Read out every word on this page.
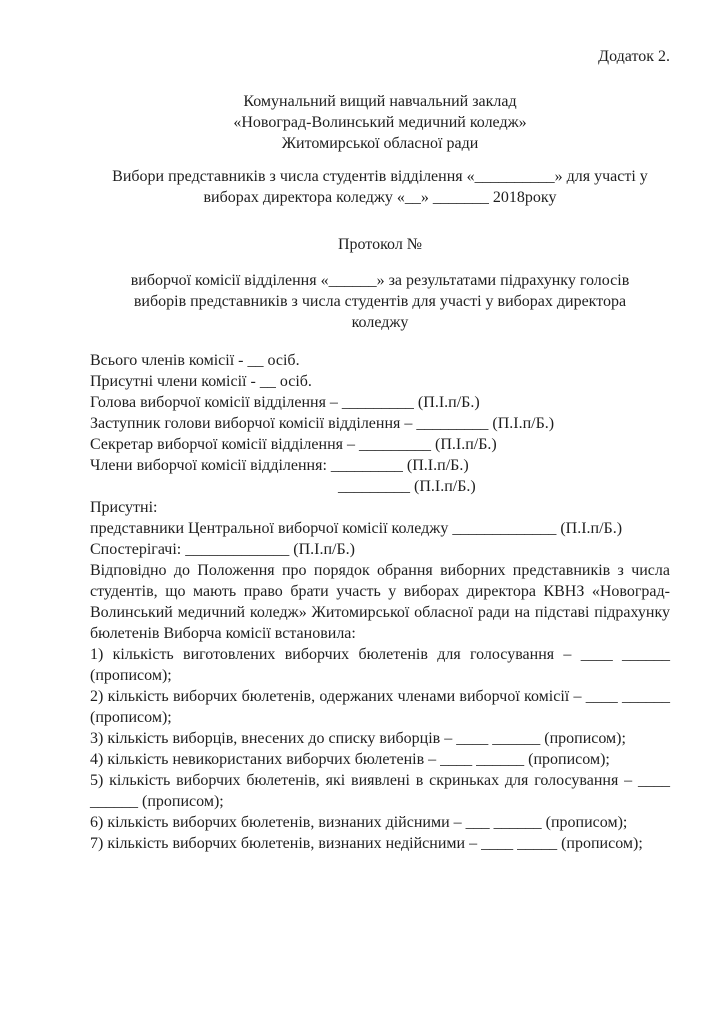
Додаток 2.
Комунальний вищий навчальний заклад
«Новоград-Волинський медичний коледж»
Житомирської обласної ради
Вибори представників з числа студентів відділення «__________» для участі у
виборах директора коледжу «__» _______ 2018року
Протокол №
виборчої комісії відділення «______» за результатами підрахунку голосів
виборів представників з числа студентів для участі у виборах директора
коледжу
Всього членів комісії - __ осіб.
Присутні члени комісії - __ осіб.
Голова виборчої комісії відділення – _________ (П.І.п/Б.)
Заступник голови виборчої комісії відділення – _________ (П.І.п/Б.)
Секретар виборчої комісії відділення – _________ (П.І.п/Б.)
Члени виборчої комісії відділення: _________ (П.І.п/Б.)
_________ (П.І.п/Б.)
Присутні:
представники Центральної виборчої комісії коледжу _____________ (П.І.п/Б.)
Спостерігачі: _____________ (П.І.п/Б.)

Відповідно до Положення про порядок обрання виборних представників з числа студентів, що мають право брати участь у виборах директора КВНЗ «Новоград-Волинський медичний коледж» Житомирської обласної ради на підставі підрахунку бюлетенів Виборча комісії встановила:

1) кількість виготовлених виборчих бюлетенів для голосування – ____ ______ (прописом);

2) кількість виборчих бюлетенів, одержаних членами виборчої комісії – ____ ______ (прописом);

3) кількість виборців, внесених до списку виборців – ____ ______ (прописом);

4) кількість невикористаних виборчих бюлетенів – ____ ______ (прописом);

5) кількість виборчих бюлетенів, які виявлені в скриньках для голосування – ____ ______ (прописом);

6) кількість виборчих бюлетенів, визнаних дійсними – ___ ______ (прописом);

7) кількість виборчих бюлетенів, визнаних недійсними – ____ _____ (прописом);
